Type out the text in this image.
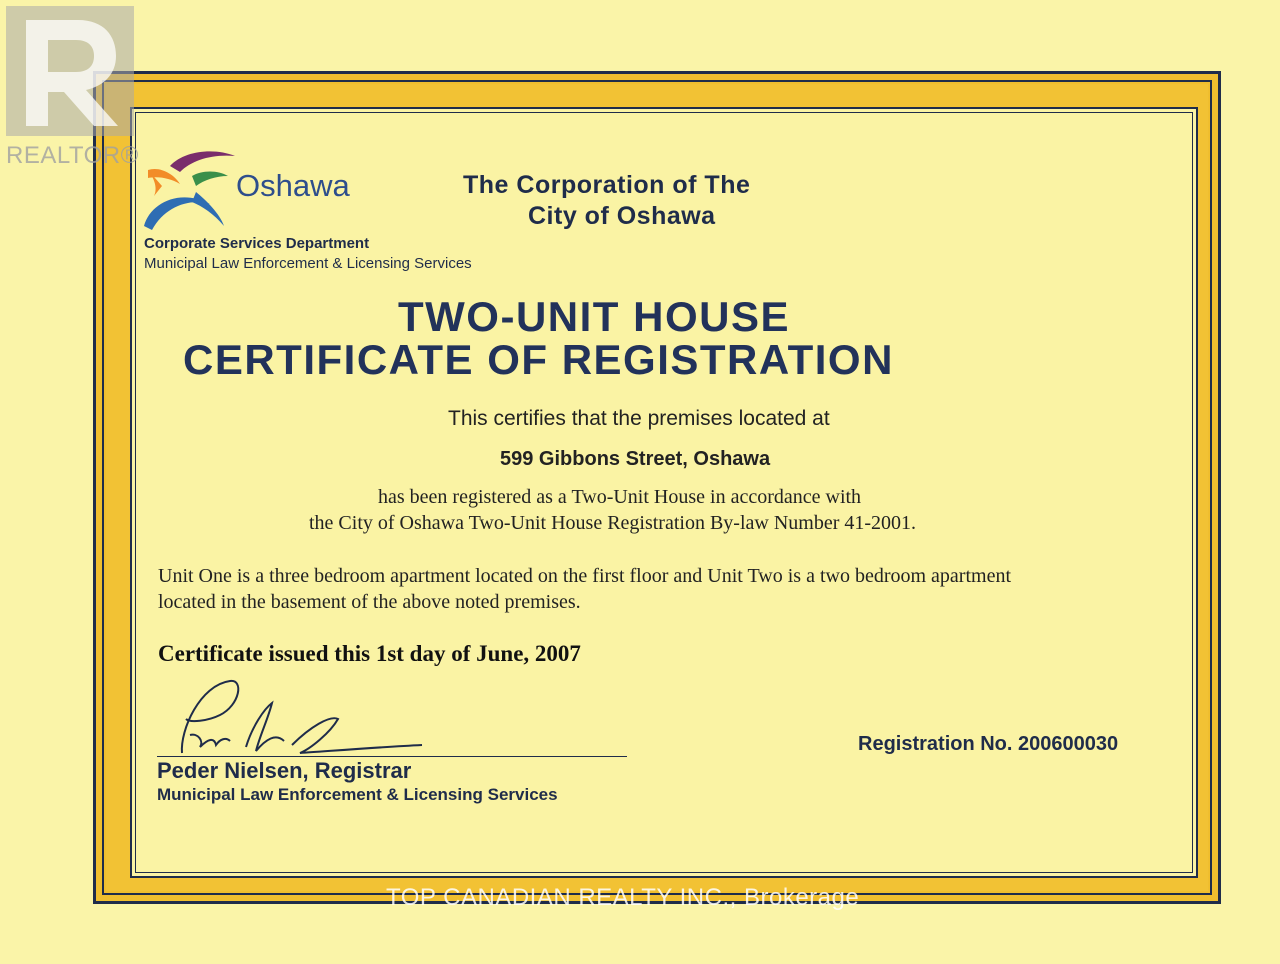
Oshawa
Corporate Services Department
Municipal Law Enforcement & Licensing Services
The Corporation of The
City of Oshawa
TWO-UNIT HOUSE
CERTIFICATE OF REGISTRATION
This certifies that the premises located at
599 Gibbons Street, Oshawa
has been registered as a Two-Unit House in accordance with
the City of Oshawa Two-Unit House Registration By-law Number 41-2001.
Unit One is a three bedroom apartment located on the first floor and Unit Two is a two bedroom apartment
located in the basement of the above noted premises.
Certificate issued this 1st day of June, 2007
Peder Nielsen, Registrar
Municipal Law Enforcement & Licensing Services
Registration No. 200600030
REALTOR®
TOP CANADIAN REALTY INC., Brokerage
